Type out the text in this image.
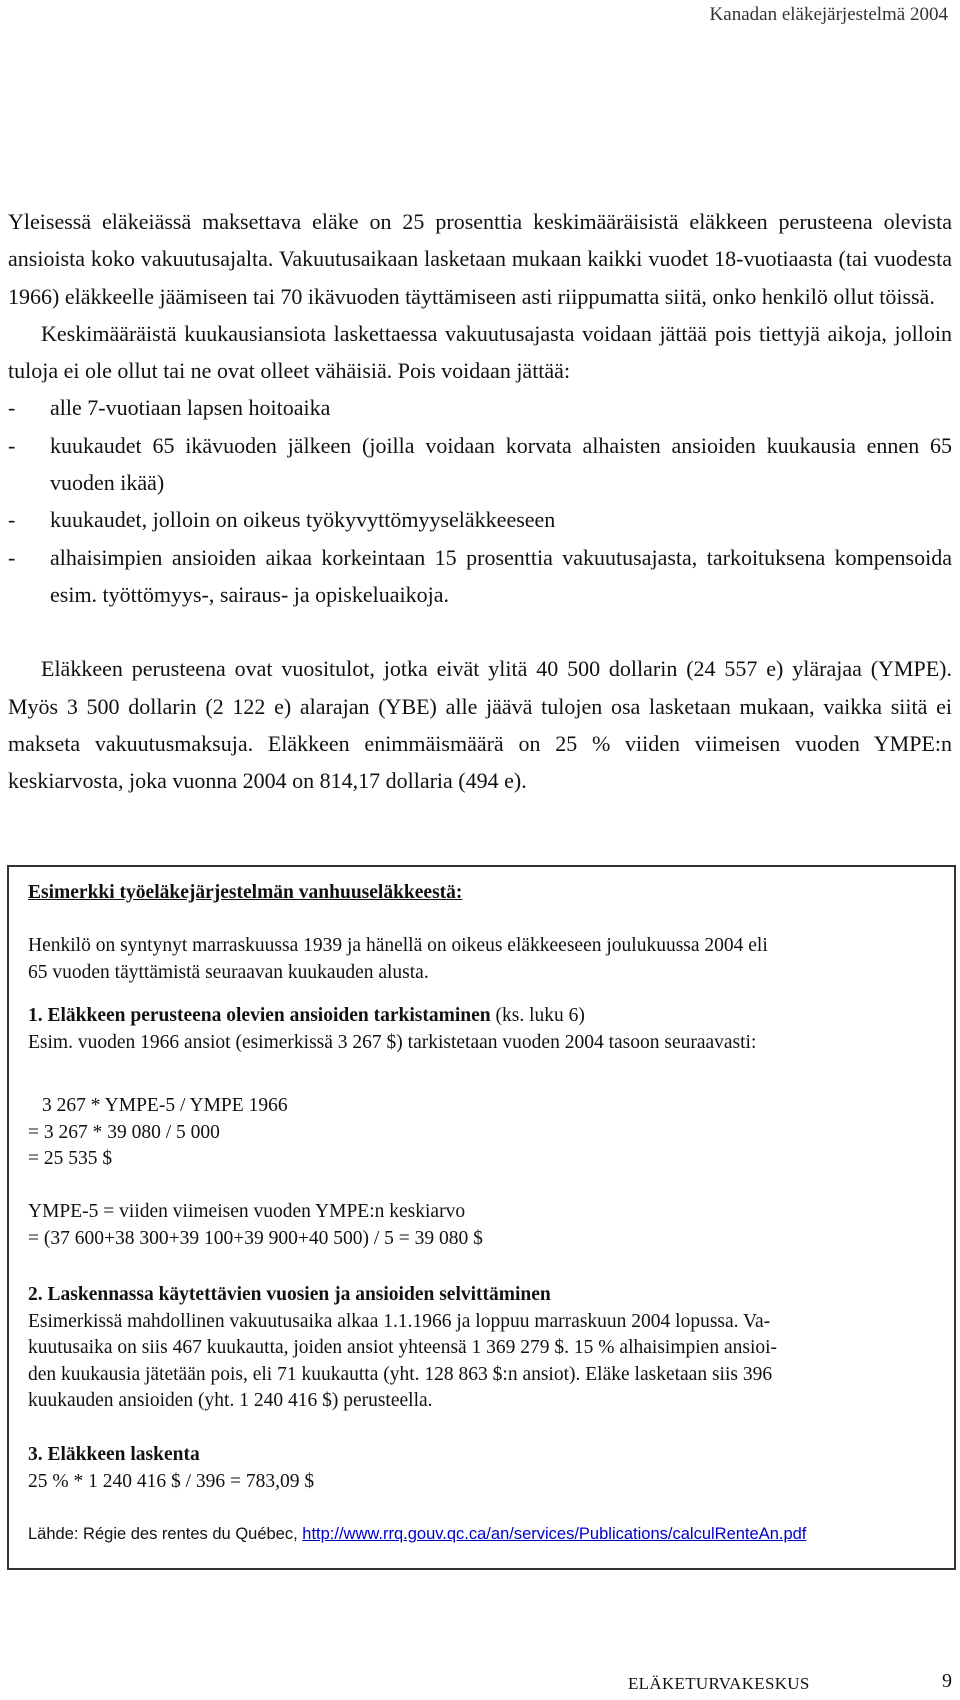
Kanadan eläkejärjestelmä 2004

Yleisessä eläkeiässä maksettava eläke on 25 prosenttia keskimääräisistä eläkkeen perusteena olevista ansioista koko vakuutusajalta. Vakuutusaikaan lasketaan mukaan kaikki vuodet 18-vuotiaasta (tai vuodesta 1966) eläkkeelle jäämiseen tai 70 ikävuoden täyttämiseen asti riippumatta siitä, onko henkilö ollut töissä.

Keskimääräistä kuukausiansiota laskettaessa vakuutusajasta voidaan jättää pois tiettyjä aikoja, jolloin tuloja ei ole ollut tai ne ovat olleet vähäisiä. Pois voidaan jättää:

- alle 7-vuotiaan lapsen hoitoaika
- kuukaudet 65 ikävuoden jälkeen (joilla voidaan korvata alhaisten ansioiden kuukausia ennen 65 vuoden ikää)
- kuukaudet, jolloin on oikeus työkyvyttömyyseläkkeeseen
- alhaisimpien ansioiden aikaa korkeintaan 15 prosenttia vakuutusajasta, tarkoituksena kompensoida esim. työttömyys-, sairaus- ja opiskeluaikoja.

Eläkkeen perusteena ovat vuositulot, jotka eivät ylitä 40 500 dollarin (24 557 e) ylärajaa (YMPE). Myös 3 500 dollarin (2 122 e) alarajan (YBE) alle jäävä tulojen osa lasketaan mukaan, vaikka siitä ei makseta vakuutusmaksuja. Eläkkeen enimmäismäärä on 25 % viiden viimeisen vuoden YMPE:n keskiarvosta, joka vuonna 2004 on 814,17 dollaria (494 e).

Esimerkki työeläkejärjestelmän vanhuuseläkkeestä:

Henkilö on syntynyt marraskuussa 1939 ja hänellä on oikeus eläkkeeseen joulukuussa 2004 eli
65 vuoden täyttämistä seuraavan kuukauden alusta.
1. Eläkkeen perusteena olevien ansioiden tarkistaminen (ks. luku 6)
Esim. vuoden 1966 ansiot (esimerkissä 3 267 $) tarkistetaan vuoden 2004 tasoon seuraavasti:
3 267 * YMPE-5 / YMPE 1966
= 3 267 * 39 080 / 5 000
= 25 535 $
YMPE-5 = viiden viimeisen vuoden YMPE:n keskiarvo
= (37 600+38 300+39 100+39 900+40 500) / 5 = 39 080 $
2. Laskennassa käytettävien vuosien ja ansioiden selvittäminen
Esimerkissä mahdollinen vakuutusaika alkaa 1.1.1966 ja loppuu marraskuun 2004 lopussa. Va-
kuutusaika on siis 467 kuukautta, joiden ansiot yhteensä 1 369 279 $. 15 % alhaisimpien ansioi-
den kuukausia jätetään pois, eli 71 kuukautta (yht. 128 863 $:n ansiot). Eläke lasketaan siis 396
kuukauden ansioiden (yht. 1 240 416 $) perusteella.
3. Eläkkeen laskenta
25 % * 1 240 416 $ / 396 = 783,09 $

Lähde: Régie des rentes du Québec, http://www.rrq.gouv.qc.ca/an/services/Publications/calculRenteAn.pdf

ELÄKETURVAKESKUS	9
